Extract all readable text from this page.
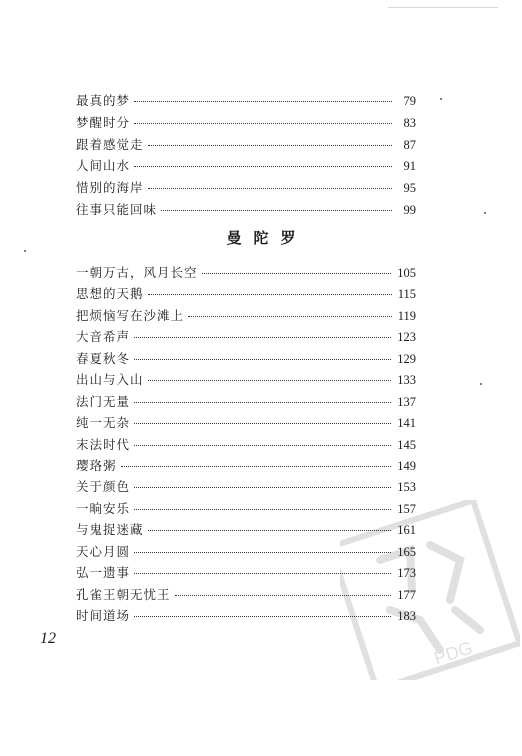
最真的梦	79
梦醒时分	83
跟着感觉走	87
人间山水	91
惜别的海岸	95
往事只能回味	99
曼陀罗
一朝万古，风月长空	105
思想的天鹅	115
把烦恼写在沙滩上	119
大音希声	123
春夏秋冬	129
出山与入山	133
法门无量	137
纯一无杂	141
末法时代	145
璎珞粥	149
关于颜色	153
一晌安乐	157
与鬼捉迷藏	161
天心月圆	165
弘一遗事	173
孔雀王朝无忧王	177
时间道场	183
12	PDG
